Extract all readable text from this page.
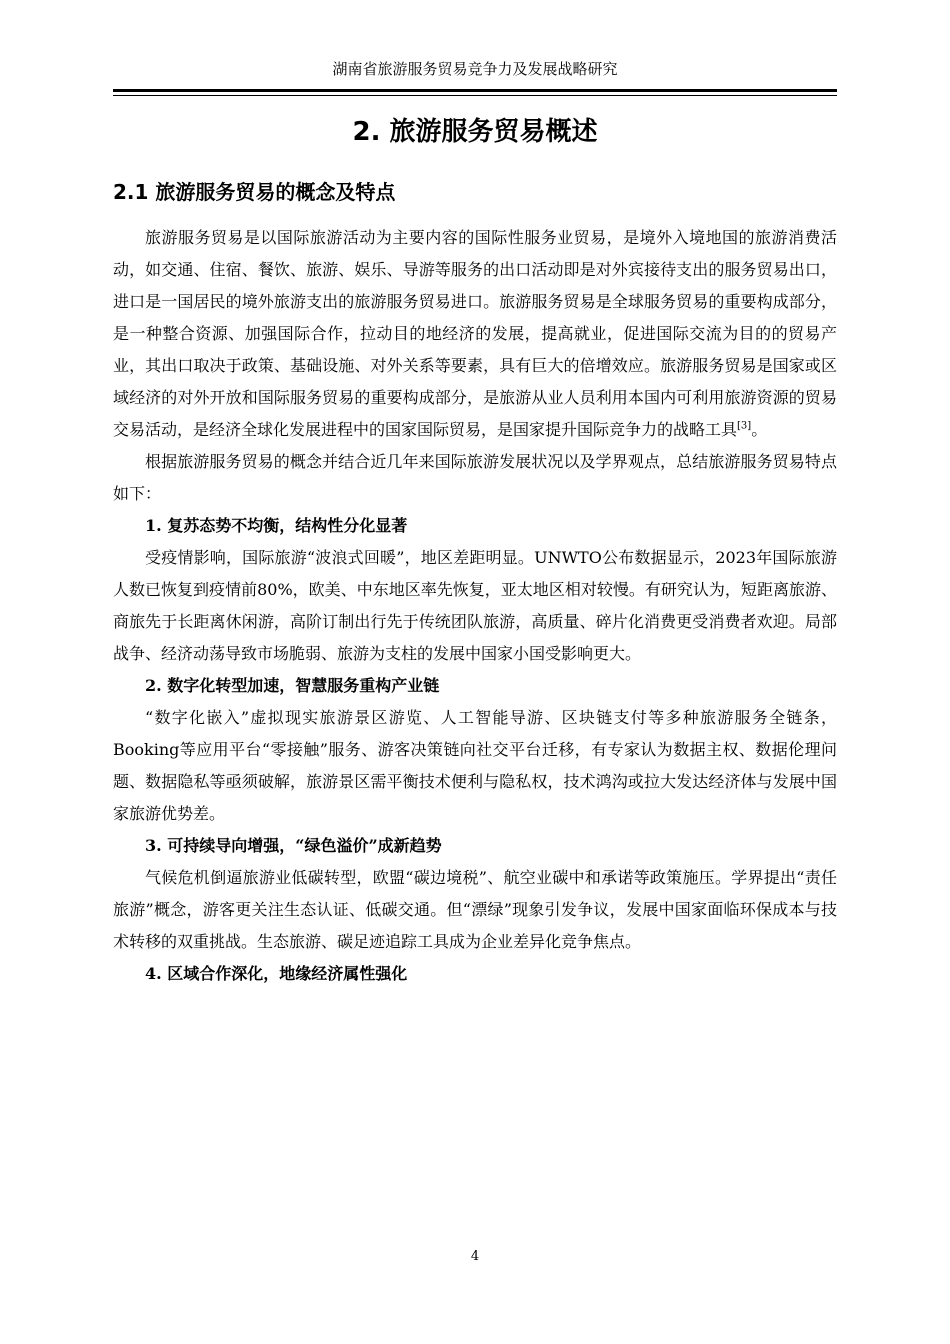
湖南省旅游服务贸易竞争力及发展战略研究
2. 旅游服务贸易概述
2.1 旅游服务贸易的概念及特点

旅游服务贸易是以国际旅游活动为主要内容的国际性服务业贸易，是境外入境地国的旅游消费活动，如交通、住宿、餐饮、旅游、娱乐、导游等服务的出口活动即是对外宾接待支出的服务贸易出口，进口是一国居民的境外旅游支出的旅游服务贸易进口。旅游服务贸易是全球服务贸易的重要构成部分，是一种整合资源、加强国际合作，拉动目的地经济的发展，提高就业，促进国际交流为目的的贸易产业，其出口取决于政策、基础设施、对外关系等要素，具有巨大的倍增效应。旅游服务贸易是国家或区域经济的对外开放和国际服务贸易的重要构成部分，是旅游从业人员利用本国内可利用旅游资源的贸易交易活动，是经济全球化发展进程中的国家国际贸易，是国家提升国际竞争力的战略工具[3]。

根据旅游服务贸易的概念并结合近几年来国际旅游发展状况以及学界观点，总结旅游服务贸易特点如下：

1. 复苏态势不均衡，结构性分化显著

受疫情影响，国际旅游“波浪式回暖”，地区差距明显。UNWTO公布数据显示，2023年国际旅游人数已恢复到疫情前80%，欧美、中东地区率先恢复，亚太地区相对较慢。有研究认为，短距离旅游、商旅先于长距离休闲游，高阶订制出行先于传统团队旅游，高质量、碎片化消费更受消费者欢迎。局部战争、经济动荡导致市场脆弱、旅游为支柱的发展中国家小国受影响更大。

2. 数字化转型加速，智慧服务重构产业链

“数字化嵌入”虚拟现实旅游景区游览、人工智能导游、区块链支付等多种旅游服务全链条，Booking等应用平台“零接触”服务、游客决策链向社交平台迁移，有专家认为数据主权、数据伦理问题、数据隐私等亟须破解，旅游景区需平衡技术便利与隐私权，技术鸿沟或拉大发达经济体与发展中国家旅游优势差。

3. 可持续导向增强，“绿色溢价”成新趋势

气候危机倒逼旅游业低碳转型，欧盟“碳边境税”、航空业碳中和承诺等政策施压。学界提出“责任旅游”概念，游客更关注生态认证、低碳交通。但“漂绿”现象引发争议，发展中国家面临环保成本与技术转移的双重挑战。生态旅游、碳足迹追踪工具成为企业差异化竞争焦点。

4. 区域合作深化，地缘经济属性强化

4
